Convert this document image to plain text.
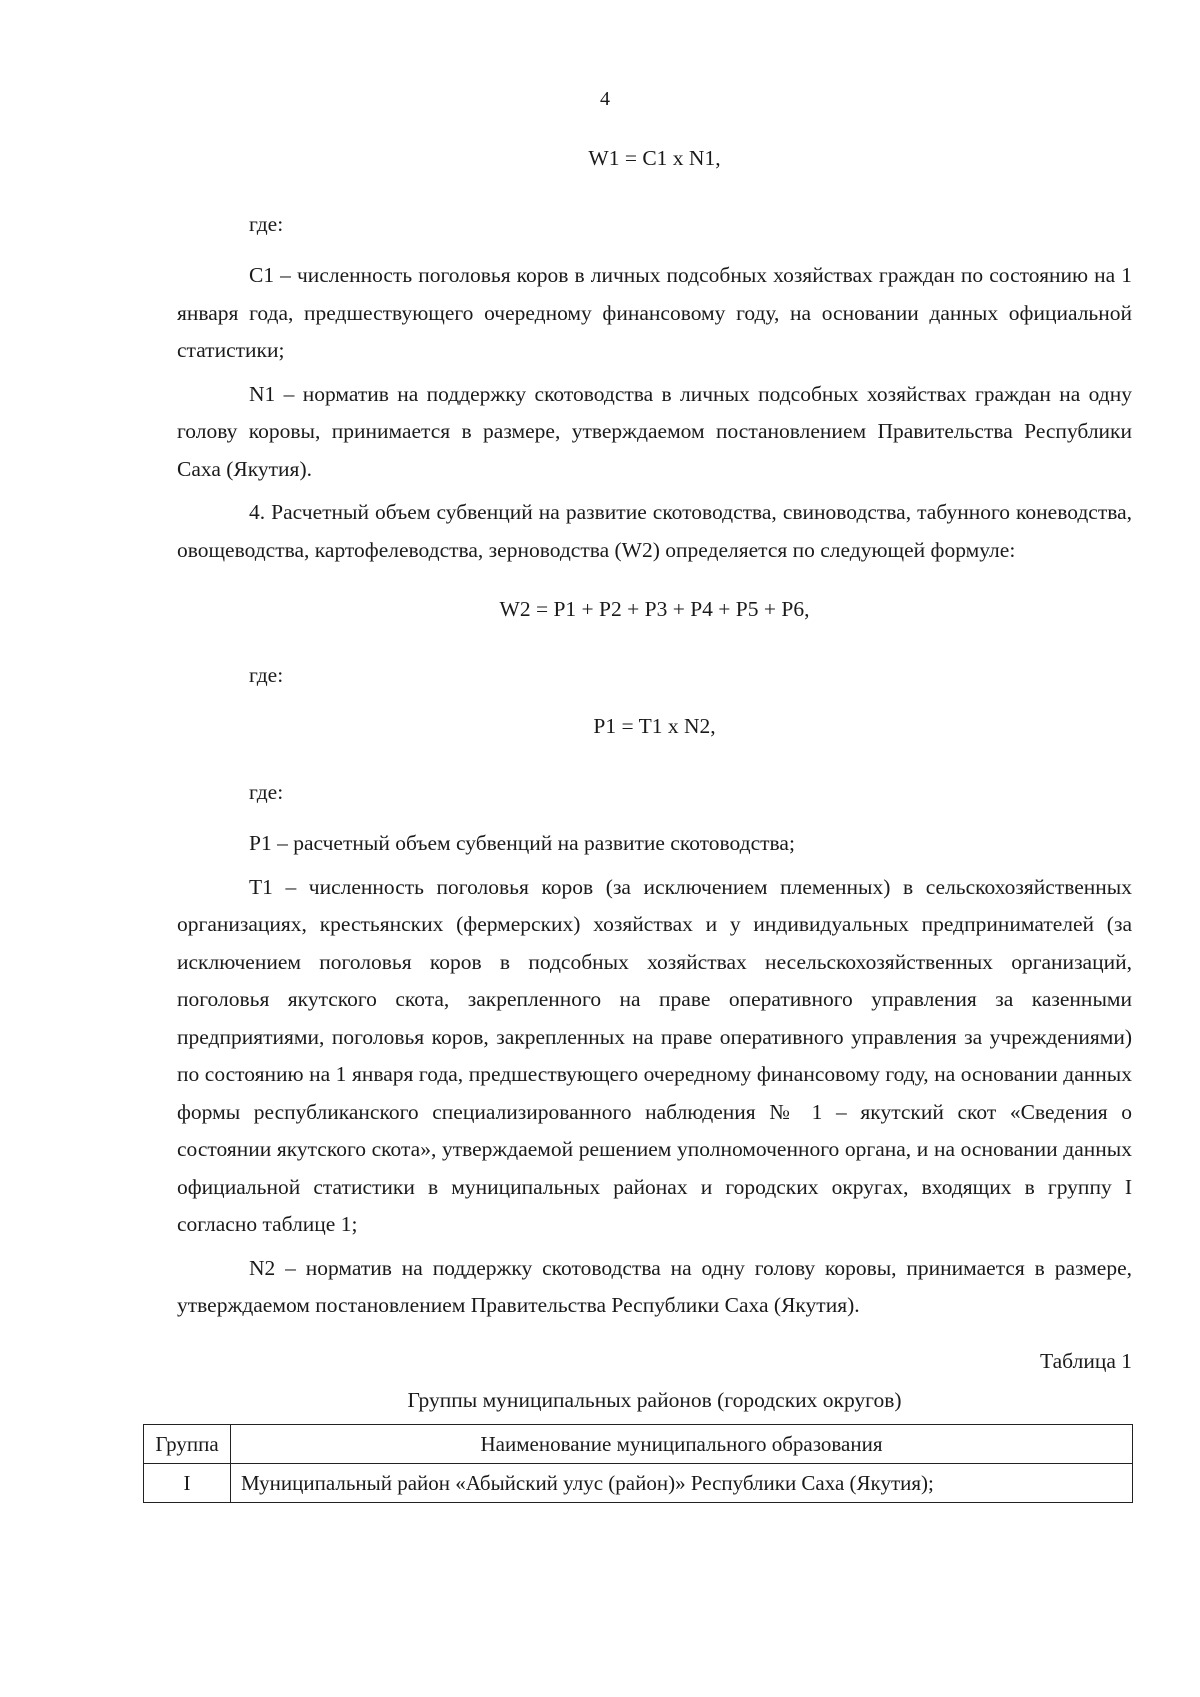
4

W1 = C1 x N1,

где:

C1 – численность поголовья коров в личных подсобных хозяйствах граждан по состоянию на 1 января года, предшествующего очередному финансовому году, на основании данных официальной статистики;

N1 – норматив на поддержку скотоводства в личных подсобных хозяйствах граждан на одну голову коровы, принимается в размере, утверждаемом постановлением Правительства Республики Саха (Якутия).

4. Расчетный объем субвенций на развитие скотоводства, свиноводства, табунного коневодства, овощеводства, картофелеводства, зерноводства (W2) определяется по следующей формуле:

W2 = P1 + P2 + P3 + P4 + P5 + P6,

где:

P1 = T1 x N2,

где:

P1 – расчетный объем субвенций на развитие скотоводства;

T1 – численность поголовья коров (за исключением племенных) в сельскохозяйственных организациях, крестьянских (фермерских) хозяйствах и у индивидуальных предпринимателей (за исключением поголовья коров в подсобных хозяйствах несельскохозяйственных организаций, поголовья якутского скота, закрепленного на праве оперативного управления за казенными предприятиями, поголовья коров, закрепленных на праве оперативного управления за учреждениями) по состоянию на 1 января года, предшествующего очередному финансовому году, на основании данных формы республиканского специализированного наблюдения № 1 – якутский скот «Сведения о состоянии якутского скота», утверждаемой решением уполномоченного органа, и на основании данных официальной статистики в муниципальных районах и городских округах, входящих в группу I согласно таблице 1;

N2 – норматив на поддержку скотоводства на одну голову коровы, принимается в размере, утверждаемом постановлением Правительства Республики Саха (Якутия).

Таблица 1
Группы муниципальных районов (городских округов)
Группа	Наименование муниципального образования
I	Муниципальный район «Абыйский улус (район)» Республики Саха (Якутия);
